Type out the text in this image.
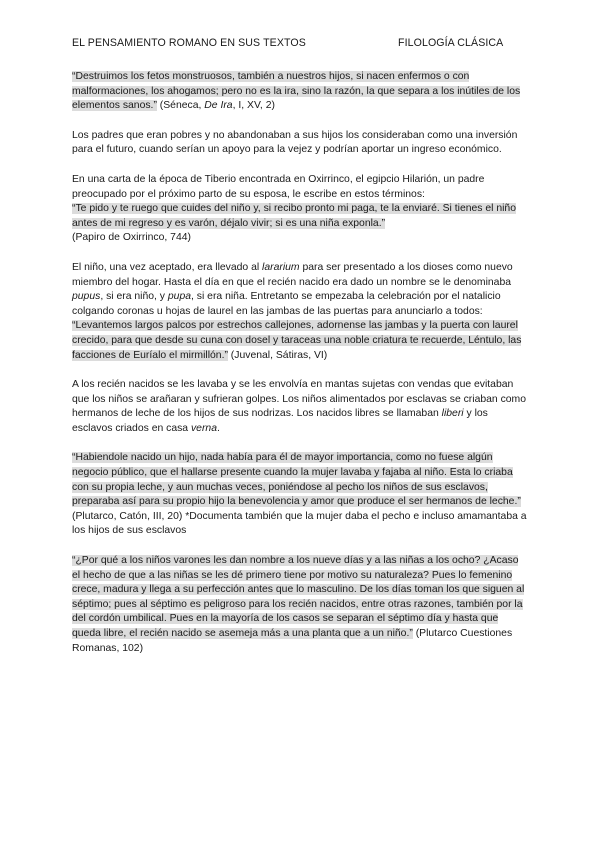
EL PENSAMIENTO ROMANO EN SUS TEXTOS	FILOLOGÍA CLÁSICA

“Destruimos los fetos monstruosos, también a nuestros hijos, si nacen enfermos o con malformaciones, los ahogamos; pero no es la ira, sino la razón, la que separa a los inútiles de los elementos sanos.” (Séneca, De Ira, I, XV, 2)

Los padres que eran pobres y no abandonaban a sus hijos los consideraban como una inversión para el futuro, cuando serían un apoyo para la vejez y podrían aportar un ingreso económico.

En una carta de la época de Tiberio encontrada en Oxirrinco, el egipcio Hilarión, un padre preocupado por el próximo parto de su esposa, le escribe en estos términos:
“Te pido y te ruego que cuides del niño y, si recibo pronto mi paga, te la enviaré. Si tienes el niño antes de mi regreso y es varón, déjalo vivir; si es una niña exponla.”
(Papiro de Oxirrinco, 744)

El niño, una vez aceptado, era llevado al lararium para ser presentado a los dioses como nuevo miembro del hogar. Hasta el día en que el recién nacido era dado un nombre se le denominaba pupus, si era niño, y pupa, si era niña. Entretanto se empezaba la celebración por el natalicio colgando coronas u hojas de laurel en las jambas de las puertas para anunciarlo a todos:
“Levantemos largos palcos por estrechos callejones, adornense las jambas y la puerta con laurel crecido, para que desde su cuna con dosel y taraceas una noble criatura te recuerde, Léntulo, las facciones de Euríalo el mirmillón.” (Juvenal, Sátiras, VI)

A los recién nacidos se les lavaba y se les envolvía en mantas sujetas con vendas que evitaban que los niños se arañaran y sufrieran golpes. Los niños alimentados por esclavas se criaban como hermanos de leche de los hijos de sus nodrizas. Los nacidos libres se llamaban liberi y los esclavos criados en casa verna.

“Habiendole nacido un hijo, nada había para él de mayor importancia, como no fuese algún negocio público, que el hallarse presente cuando la mujer lavaba y fajaba al niño. Esta lo criaba con su propia leche, y aun muchas veces, poniéndose al pecho los niños de sus esclavos, preparaba así para su propio hijo la benevolencia y amor que produce el ser hermanos de leche.” (Plutarco, Catón, III, 20) *Documenta también que la mujer daba el pecho e incluso amamantaba a los hijos de sus esclavos

“¿Por qué a los niños varones les dan nombre a los nueve días y a las niñas a los ocho? ¿Acaso el hecho de que a las niñas se les dé primero tiene por motivo su naturaleza? Pues lo femenino crece, madura y llega a su perfección antes que lo masculino. De los días toman los que siguen al séptimo; pues al séptimo es peligroso para los recién nacidos, entre otras razones, también por la del cordón umbilical. Pues en la mayoría de los casos se separan el séptimo día y hasta que queda libre, el recién nacido se asemeja más a una planta que a un niño.” (Plutarco Cuestiones Romanas, 102)
